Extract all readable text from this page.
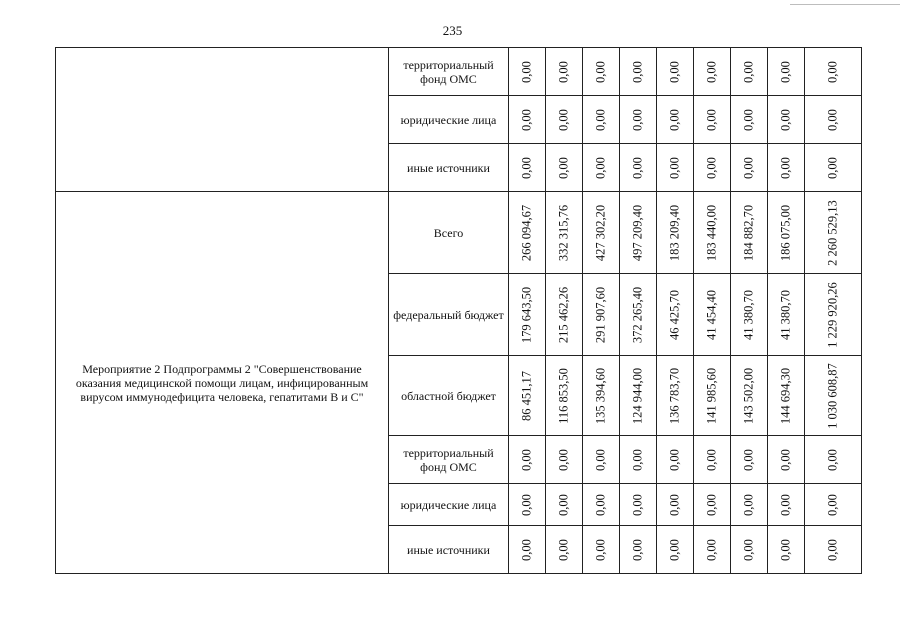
235
	территориальный фонд ОМС	0,00	0,00	0,00	0,00	0,00	0,00	0,00	0,00	0,00

	юридические лица	0,00	0,00	0,00	0,00	0,00	0,00	0,00	0,00	0,00

	иные источники	0,00	0,00	0,00	0,00	0,00	0,00	0,00	0,00	0,00

Мероприятие 2 Подпрограммы 2 "Совершенствование оказания медицинской помощи лицам, инфицированным вирусом иммунодефицита человека, гепатитами В и С"	Всего	266 094,67	332 315,76	427 302,20	497 209,40	183 209,40	183 440,00	184 882,70	186 075,00	2 260 529,13

	федеральный бюджет	179 643,50	215 462,26	291 907,60	372 265,40	46 425,70	41 454,40	41 380,70	41 380,70	1 229 920,26

	областной бюджет	86 451,17	116 853,50	135 394,60	124 944,00	136 783,70	141 985,60	143 502,00	144 694,30	1 030 608,87

	территориальный фонд ОМС	0,00	0,00	0,00	0,00	0,00	0,00	0,00	0,00	0,00

	юридические лица	0,00	0,00	0,00	0,00	0,00	0,00	0,00	0,00	0,00

	иные источники	0,00	0,00	0,00	0,00	0,00	0,00	0,00	0,00	0,00
